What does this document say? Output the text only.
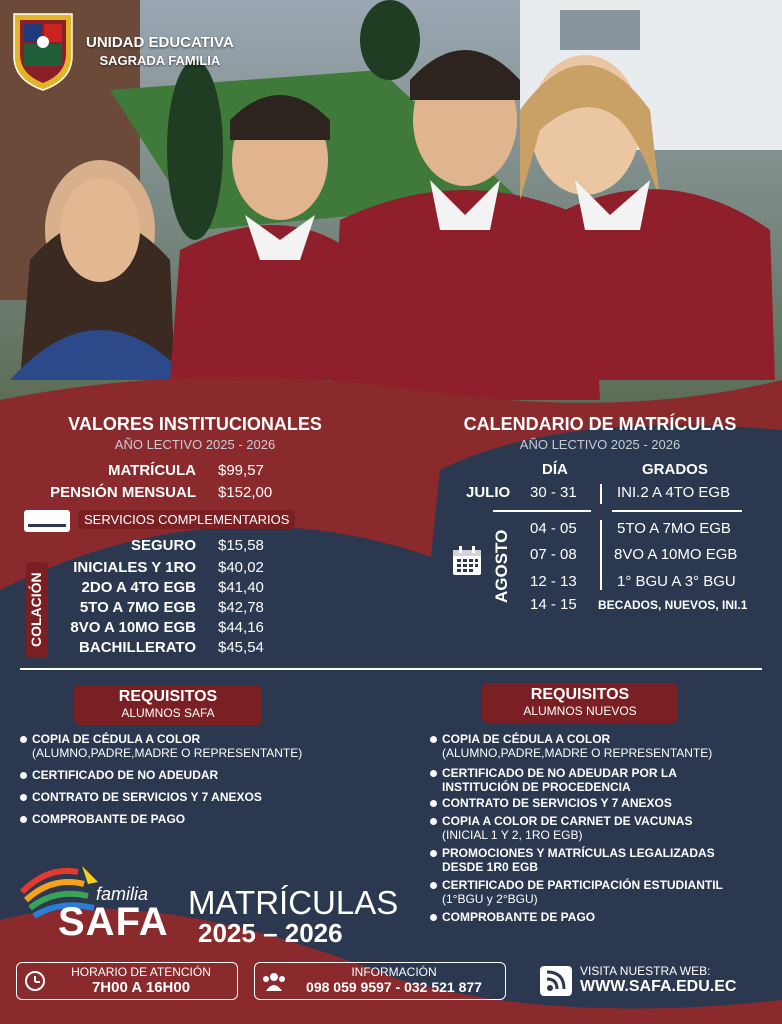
UNIDAD EDUCATIVA
SAGRADA FAMILIA
VALORES INSTITUCIONALES
AÑO LECTIVO 2025 - 2026
MATRÍCULA $99,57
PENSIÓN MENSUAL $152,00
SERVICIOS COMPLEMENTARIOS
SEGURO $15,58
COLACIÓN
INICIALES Y 1RO $40,02
2DO A 4TO EGB $41,40
5TO A 7MO EGB $42,78
8VO A 10MO EGB $44,16
BACHILLERATO $45,54
CALENDARIO DE MATRÍCULAS
AÑO LECTIVO 2025 - 2026
DÍA	GRADOS
JULIO 30 - 31	INI.2 A 4TO EGB
AGOSTO
04 - 05	5TO A 7MO EGB
07 - 08 8VO A 10MO EGB
12 - 13	1° BGU A 3° BGU
14 - 15 BECADOS, NUEVOS, INI.1
REQUISITOS
ALUMNOS SAFA
COPIA DE CÉDULA A COLOR
(ALUMNO,PADRE,MADRE O REPRESENTANTE)
CERTIFICADO DE NO ADEUDAR
CONTRATO DE SERVICIOS Y 7 ANEXOS
COMPROBANTE DE PAGO
REQUISITOS
ALUMNOS NUEVOS
COPIA DE CÉDULA A COLOR
(ALUMNO,PADRE,MADRE O REPRESENTANTE)
CERTIFICADO DE NO ADEUDAR POR LA
INSTITUCIÓN DE PROCEDENCIA
CONTRATO DE SERVICIOS Y 7 ANEXOS
COPIA A COLOR DE CARNET DE VACUNAS
(INICIAL 1 Y 2, 1RO EGB)
PROMOCIONES Y MATRÍCULAS LEGALIZADAS
DESDE 1R0 EGB
CERTIFICADO DE PARTICIPACIÓN ESTUDIANTIL
(1°BGU y 2°BGU)
COMPROBANTE DE PAGO
familia
SAFA MATRÍCULAS
2025 – 2026
HORARIO DE ATENCIÓN
7H00 A 16H00
INFORMACIÓN
098 059 9597 - 032 521 877
VISITA NUESTRA WEB:
WWW.SAFA.EDU.EC
